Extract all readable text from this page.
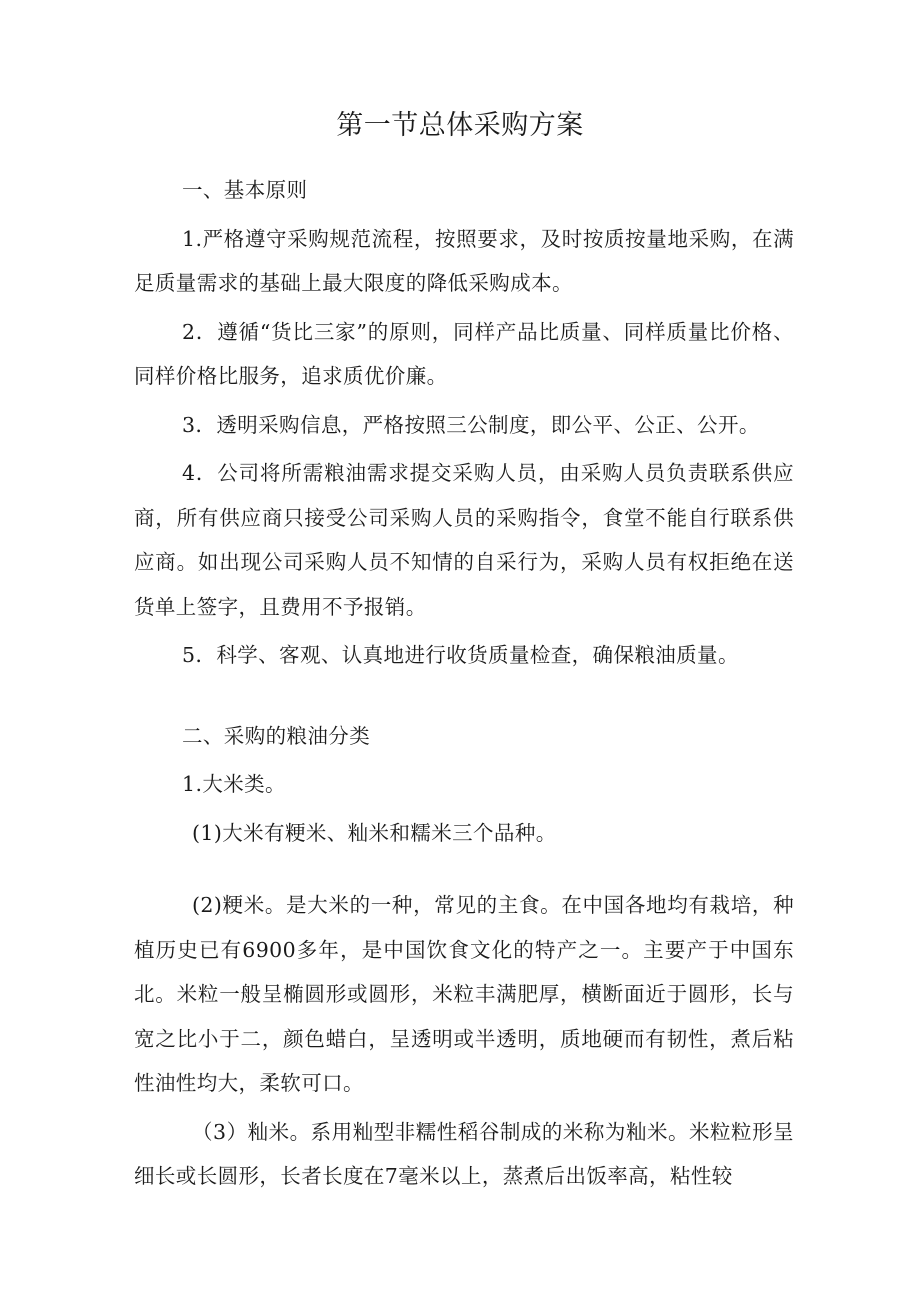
第一节总体采购方案

一、基本原则

1.严格遵守采购规范流程，按照要求，及时按质按量地采购，在满足质量需求的基础上最大限度的降低采购成本。

2．遵循“货比三家”的原则，同样产品比质量、同样质量比价格、同样价格比服务，追求质优价廉。

3．透明采购信息，严格按照三公制度，即公平、公正、公开。

4．公司将所需粮油需求提交采购人员，由采购人员负责联系供应商，所有供应商只接受公司采购人员的采购指令，食堂不能自行联系供应商。如出现公司采购人员不知情的自采行为，采购人员有权拒绝在送货单上签字，且费用不予报销。

5．科学、客观、认真地进行收货质量检查，确保粮油质量。

二、采购的粮油分类

1.大米类。

(1)大米有粳米、籼米和糯米三个品种。

(2)粳米。是大米的一种，常见的主食。在中国各地均有栽培，种植历史已有6900多年，是中国饮食文化的特产之一。主要产于中国东北。米粒一般呈椭圆形或圆形，米粒丰满肥厚，横断面近于圆形，长与宽之比小于二，颜色蜡白，呈透明或半透明，质地硬而有韧性，煮后粘性油性均大，柔软可口。

（3）籼米。系用籼型非糯性稻谷制成的米称为籼米。米粒粒形呈细长或长圆形，长者长度在7毫米以上，蒸煮后出饭率高，粘性较
